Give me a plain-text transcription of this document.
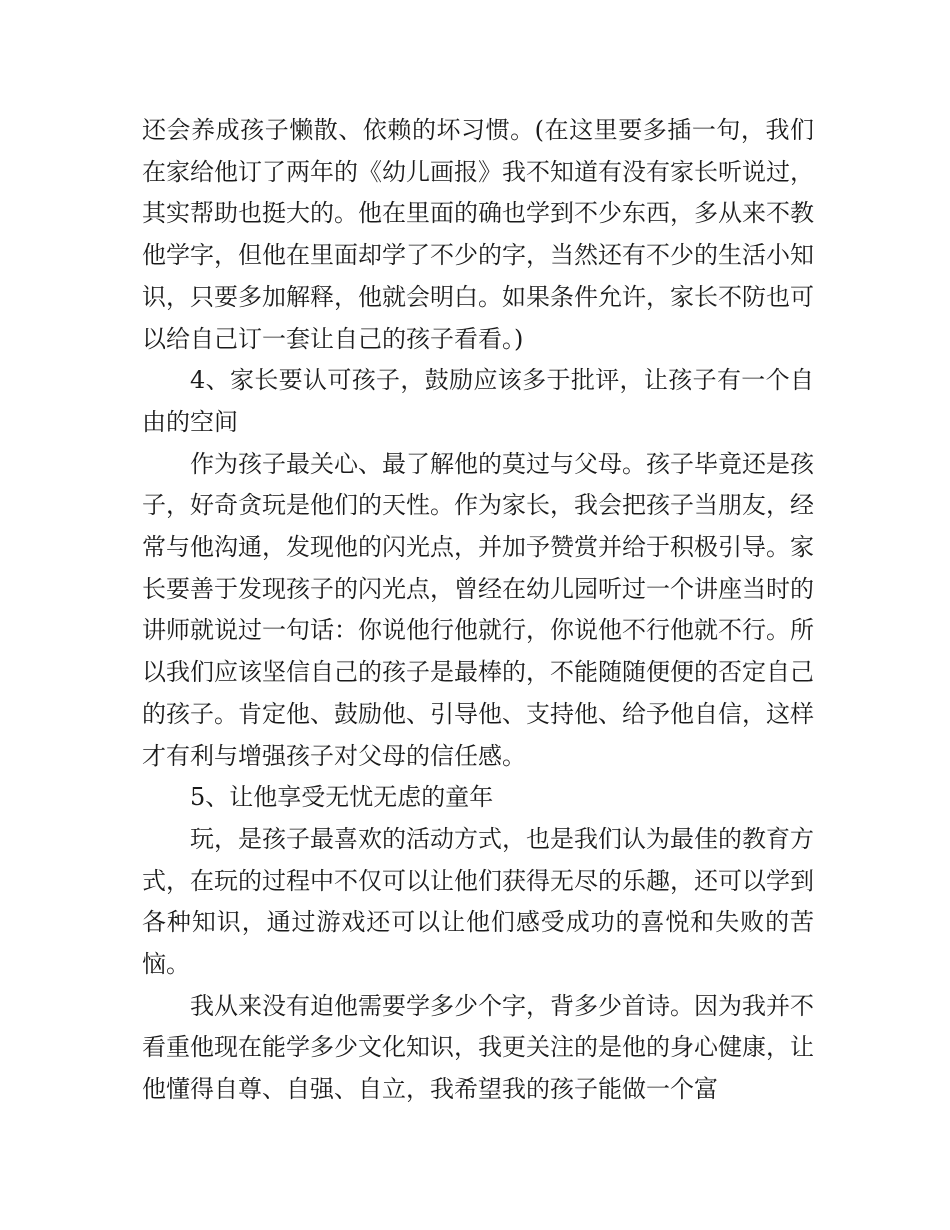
还会养成孩子懒散、依赖的坏习惯。(在这里要多插一句，我们在家给他订了两年的《幼儿画报》我不知道有没有家长听说过，其实帮助也挺大的。他在里面的确也学到不少东西，多从来不教他学字，但他在里面却学了不少的字，当然还有不少的生活小知识，只要多加解释，他就会明白。如果条件允许，家长不防也可以给自己订一套让自己的孩子看看。)

4、家长要认可孩子，鼓励应该多于批评，让孩子有一个自由的空间

作为孩子最关心、最了解他的莫过与父母。孩子毕竟还是孩子，好奇贪玩是他们的天性。作为家长，我会把孩子当朋友，经常与他沟通，发现他的闪光点，并加予赞赏并给于积极引导。家长要善于发现孩子的闪光点，曾经在幼儿园听过一个讲座当时的讲师就说过一句话：你说他行他就行，你说他不行他就不行。所以我们应该坚信自己的孩子是最棒的，不能随随便便的否定自己的孩子。肯定他、鼓励他、引导他、支持他、给予他自信，这样才有利与增强孩子对父母的信任感。

5、让他享受无忧无虑的童年

玩，是孩子最喜欢的活动方式，也是我们认为最佳的教育方式，在玩的过程中不仅可以让他们获得无尽的乐趣，还可以学到各种知识，通过游戏还可以让他们感受成功的喜悦和失败的苦恼。

我从来没有迫他需要学多少个字，背多少首诗。因为我并不看重他现在能学多少文化知识，我更关注的是他的身心健康，让他懂得自尊、自强、自立，我希望我的孩子能做一个富
